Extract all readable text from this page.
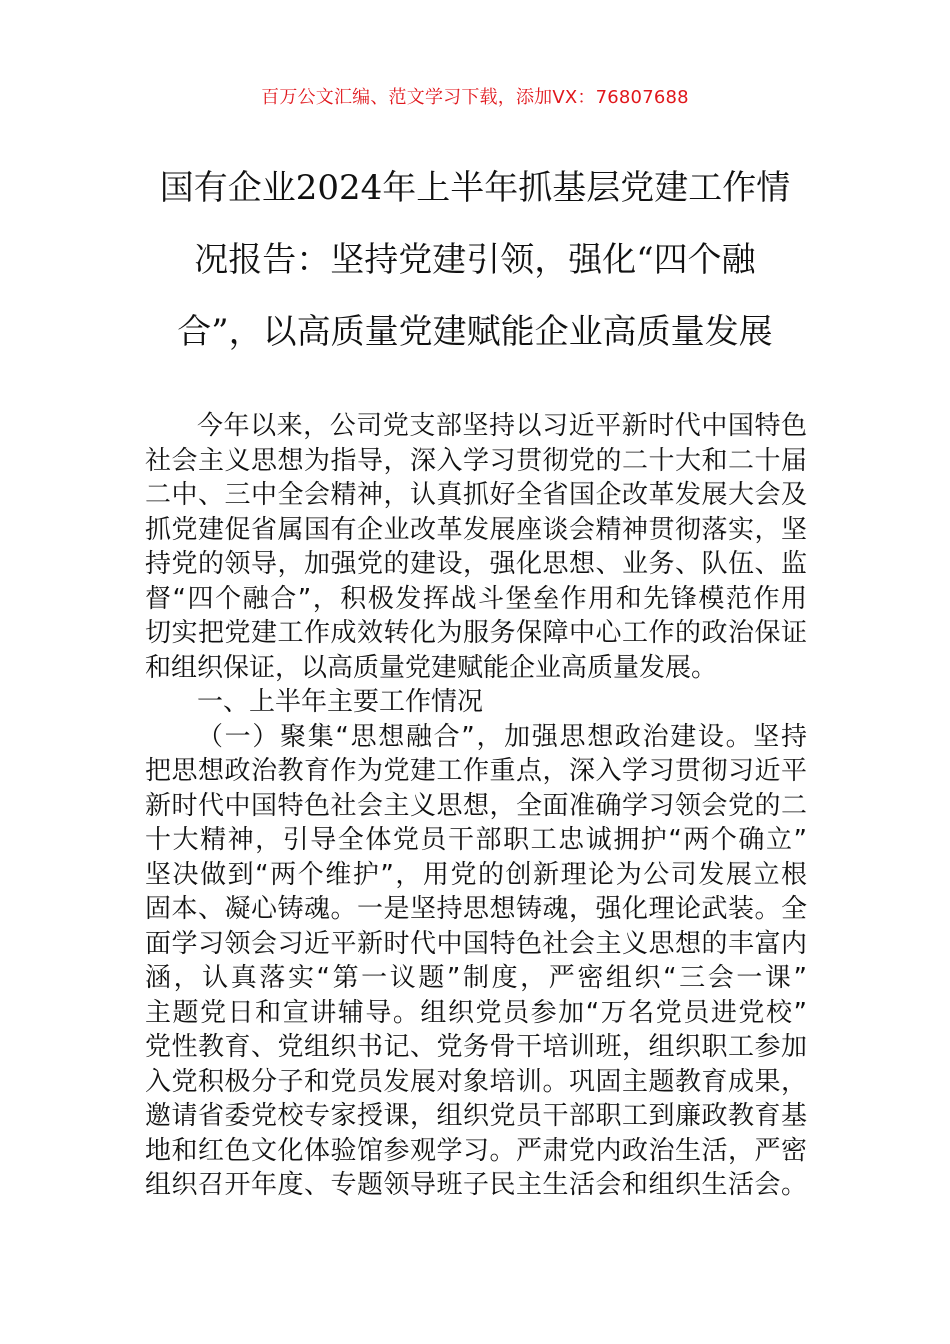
百万公文汇编、范文学习下载，添加VX：76807688
国有企业2024年上半年抓基层党建工作情
况报告：坚持党建引领，强化“四个融
合”，以高质量党建赋能企业高质量发展
今年以来，公司党支部坚持以习近平新时代中国特色
社会主义思想为指导，深入学习贯彻党的二十大和二十届
二中、三中全会精神，认真抓好全省国企改革发展大会及
抓党建促省属国有企业改革发展座谈会精神贯彻落实，坚
持党的领导，加强党的建设，强化思想、业务、队伍、监
督“四个融合”，积极发挥战斗堡垒作用和先锋模范作用
切实把党建工作成效转化为服务保障中心工作的政治保证
和组织保证，以高质量党建赋能企业高质量发展。
一、上半年主要工作情况
（一）聚集“思想融合”，加强思想政治建设。坚持
把思想政治教育作为党建工作重点，深入学习贯彻习近平
新时代中国特色社会主义思想，全面准确学习领会党的二
十大精神，引导全体党员干部职工忠诚拥护“两个确立”
坚决做到“两个维护”，用党的创新理论为公司发展立根
固本、凝心铸魂。一是坚持思想铸魂，强化理论武装。全
面学习领会习近平新时代中国特色社会主义思想的丰富内
涵，认真落实“第一议题”制度，严密组织“三会一课”
主题党日和宣讲辅导。组织党员参加“万名党员进党校”
党性教育、党组织书记、党务骨干培训班，组织职工参加
入党积极分子和党员发展对象培训。巩固主题教育成果，
邀请省委党校专家授课，组织党员干部职工到廉政教育基
地和红色文化体验馆参观学习。严肃党内政治生活，严密
组织召开年度、专题领导班子民主生活会和组织生活会。
